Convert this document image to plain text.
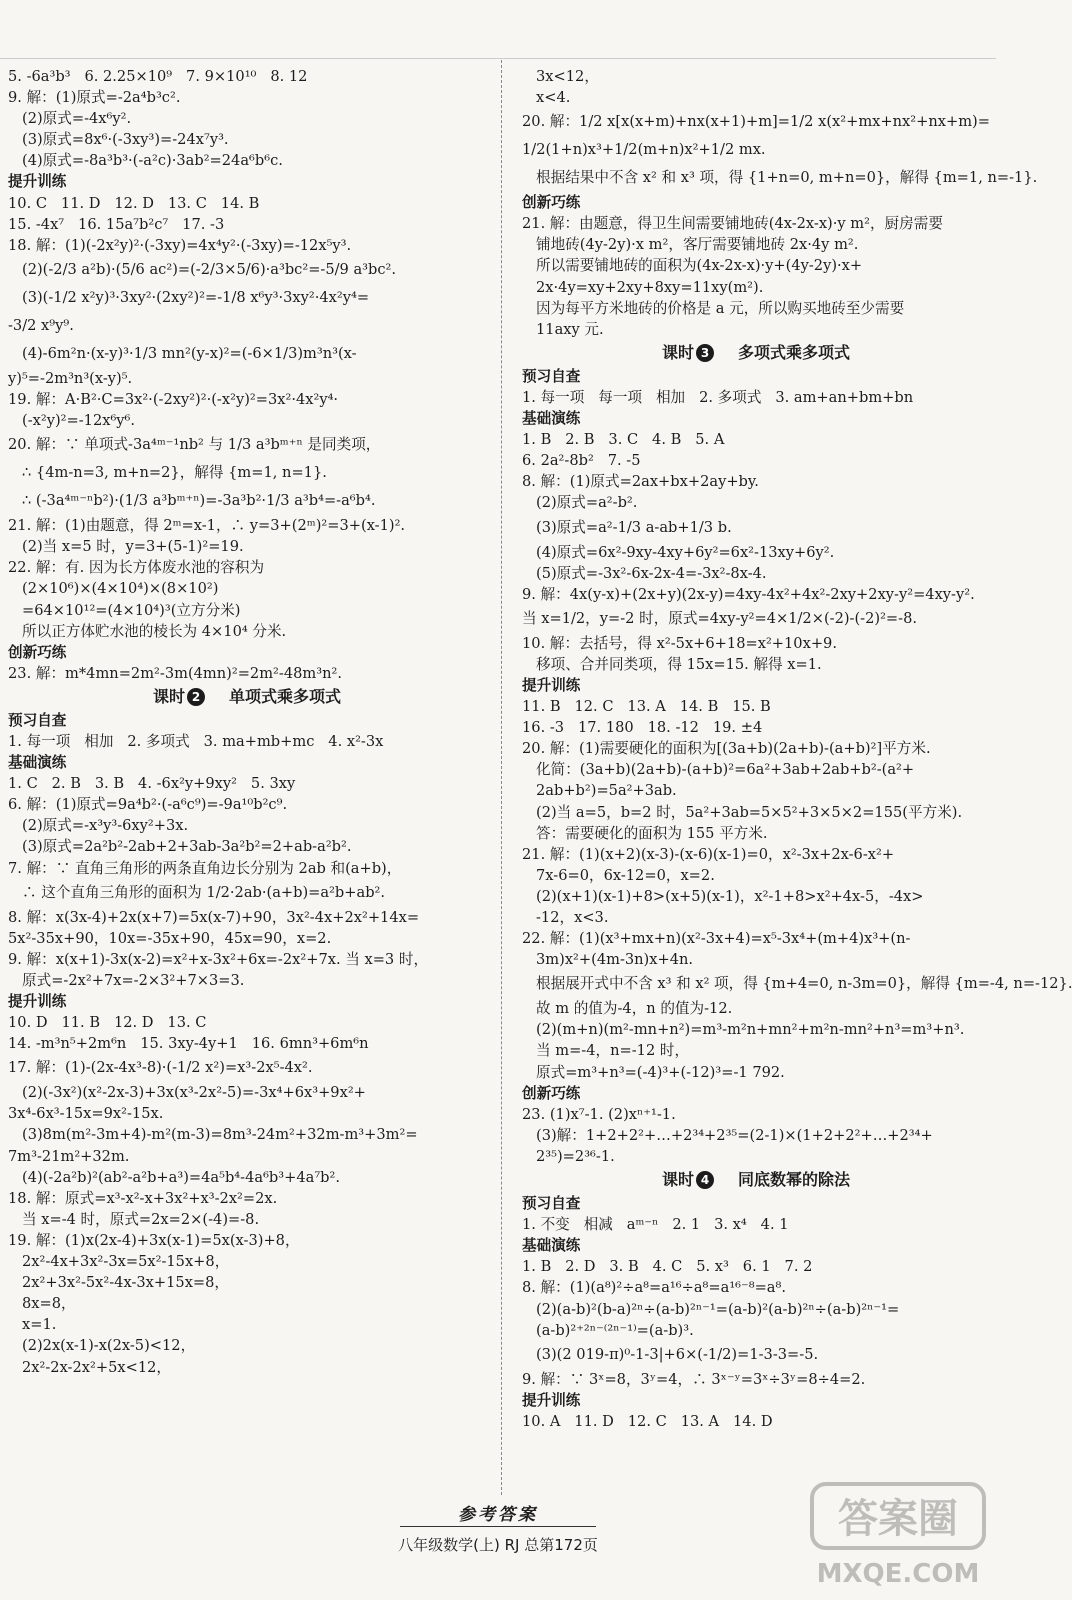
5. -6a³b³   6. 2.25×10⁹   7. 9×10¹⁰   8. 12
9. 解：(1)原式=-2a⁴b³c².
(2)原式=-4x⁶y².
(3)原式=8x⁶·(-3xy³)=-24x⁷y³.
(4)原式=-8a³b³·(-a²c)·3ab²=24a⁶b⁶c.
提升训练
10. C   11. D   12. D   13. C   14. B
15. -4x⁷   16. 15a⁷b²c⁷   17. -3
18. 解：(1)(-2x²y)²·(-3xy)=4x⁴y²·(-3xy)=-12x⁵y³.
(2)(-2/3 a²b)·(5/6 ac²)=(-2/3×5/6)·a³bc²=-5/9 a³bc².
(3)(-1/2 x²y)³·3xy²·(2xy²)²=-1/8 x⁶y³·3xy²·4x²y⁴=
-3/2 x⁹y⁹.
(4)-6m²n·(x-y)³·1/3 mn²(y-x)²=(-6×1/3)m³n³(x-
y)⁵=-2m³n³(x-y)⁵.
19. 解：A·B²·C=3x²·(-2xy²)²·(-x²y)²=3x²·4x²y⁴·
(-x²y)²=-12x⁶y⁶.
20. 解：∵ 单项式-3a⁴ᵐ⁻¹nb² 与 1/3 a³bᵐ⁺ⁿ 是同类项，
∴ {4m-n=3, m+n=2}，解得 {m=1, n=1}.
∴ (-3a⁴ᵐ⁻ⁿb²)·(1/3 a³bᵐ⁺ⁿ)=-3a³b²·1/3 a³b⁴=-a⁶b⁴.
21. 解：(1)由题意，得 2ᵐ=x-1，∴ y=3+(2ᵐ)²=3+(x-1)².
(2)当 x=5 时，y=3+(5-1)²=19.
22. 解：有. 因为长方体废水池的容积为
(2×10⁶)×(4×10⁴)×(8×10²)
=64×10¹²=(4×10⁴)³(立方分米)
所以正方体贮水池的棱长为 4×10⁴ 分米.
创新巧练
23. 解：m*4mn=2m²-3m(4mn)²=2m²-48m³n².
课时 2 单项式乘多项式
预习自查
1. 每一项   相加   2. 多项式   3. ma+mb+mc   4. x²-3x
基础演练
1. C   2. B   3. B   4. -6x²y+9xy²   5. 3xy
6. 解：(1)原式=9a⁴b²·(-a⁶c⁹)=-9a¹⁰b²c⁹.
(2)原式=-x³y³-6xy²+3x.
(3)原式=2a²b²-2ab+2+3ab-3a²b²=2+ab-a²b².
7. 解：∵ 直角三角形的两条直角边长分别为 2ab 和(a+b)，
∴ 这个直角三角形的面积为 1/2·2ab·(a+b)=a²b+ab².
8. 解：x(3x-4)+2x(x+7)=5x(x-7)+90，3x²-4x+2x²+14x=
5x²-35x+90，10x=-35x+90，45x=90，x=2.
9. 解：x(x+1)-3x(x-2)=x²+x-3x²+6x=-2x²+7x. 当 x=3 时，
原式=-2x²+7x=-2×3²+7×3=3.
提升训练
10. D   11. B   12. D   13. C
14. -m³n⁵+2m⁶n   15. 3xy-4y+1   16. 6mn³+6m⁶n
17. 解：(1)-(2x-4x³-8)·(-1/2 x²)=x³-2x⁵-4x².
(2)(-3x²)(x²-2x-3)+3x(x³-2x²-5)=-3x⁴+6x³+9x²+
3x⁴-6x³-15x=9x²-15x.
(3)8m(m²-3m+4)-m²(m-3)=8m³-24m²+32m-m³+3m²=
7m³-21m²+32m.
(4)(-2a²b)²(ab²-a²b+a³)=4a⁵b⁴-4a⁶b³+4a⁷b².
18. 解：原式=x³-x²-x+3x²+x³-2x²=2x.
当 x=-4 时，原式=2x=2×(-4)=-8.
19. 解：(1)x(2x-4)+3x(x-1)=5x(x-3)+8，
2x²-4x+3x²-3x=5x²-15x+8，
2x²+3x²-5x²-4x-3x+15x=8，
8x=8，
x=1.
(2)2x(x-1)-x(2x-5)<12，
2x²-2x-2x²+5x<12，
3x<12，
x<4.
20. 解：1/2 x[x(x+m)+nx(x+1)+m]=1/2 x(x²+mx+nx²+nx+m)=
1/2(1+n)x³+1/2(m+n)x²+1/2 mx.
根据结果中不含 x² 和 x³ 项，得 {1+n=0, m+n=0}，解得 {m=1, n=-1}.
创新巧练
21. 解：由题意，得卫生间需要铺地砖(4x-2x-x)·y m²，厨房需要
铺地砖(4y-2y)·x m²，客厅需要铺地砖 2x·4y m².
所以需要铺地砖的面积为(4x-2x-x)·y+(4y-2y)·x+
2x·4y=xy+2xy+8xy=11xy(m²).
因为每平方米地砖的价格是 a 元，所以购买地砖至少需要
11axy 元.
课时 3 多项式乘多项式
预习自查
1. 每一项   每一项   相加   2. 多项式   3. am+an+bm+bn
基础演练
1. B   2. B   3. C   4. B   5. A
6. 2a²-8b²   7. -5
8. 解：(1)原式=2ax+bx+2ay+by.
(2)原式=a²-b².
(3)原式=a²-1/3 a-ab+1/3 b.
(4)原式=6x²-9xy-4xy+6y²=6x²-13xy+6y².
(5)原式=-3x²-6x-2x-4=-3x²-8x-4.
9. 解：4x(y-x)+(2x+y)(2x-y)=4xy-4x²+4x²-2xy+2xy-y²=4xy-y².
当 x=1/2，y=-2 时，原式=4xy-y²=4×1/2×(-2)-(-2)²=-8.
10. 解：去括号，得 x²-5x+6+18=x²+10x+9.
移项、合并同类项，得 15x=15. 解得 x=1.
提升训练
11. B   12. C   13. A   14. B   15. B
16. -3   17. 180   18. -12   19. ±4
20. 解：(1)需要硬化的面积为[(3a+b)(2a+b)-(a+b)²]平方米.
化简：(3a+b)(2a+b)-(a+b)²=6a²+3ab+2ab+b²-(a²+
2ab+b²)=5a²+3ab.
(2)当 a=5，b=2 时，5a²+3ab=5×5²+3×5×2=155(平方米).
答：需要硬化的面积为 155 平方米.
21. 解：(1)(x+2)(x-3)-(x-6)(x-1)=0，x²-3x+2x-6-x²+
7x-6=0，6x-12=0，x=2.
(2)(x+1)(x-1)+8>(x+5)(x-1)，x²-1+8>x²+4x-5，-4x>
-12，x<3.
22. 解：(1)(x³+mx+n)(x²-3x+4)=x⁵-3x⁴+(m+4)x³+(n-
3m)x²+(4m-3n)x+4n.
根据展开式中不含 x³ 和 x² 项，得 {m+4=0, n-3m=0}，解得 {m=-4, n=-12}.
故 m 的值为-4，n 的值为-12.
(2)(m+n)(m²-mn+n²)=m³-m²n+mn²+m²n-mn²+n³=m³+n³.
当 m=-4，n=-12 时，
原式=m³+n³=(-4)³+(-12)³=-1 792.
创新巧练
23. (1)x⁷-1. (2)xⁿ⁺¹-1.
(3)解：1+2+2²+…+2³⁴+2³⁵=(2-1)×(1+2+2²+…+2³⁴+
2³⁵)=2³⁶-1.
课时 4 同底数幂的除法
预习自查
1. 不变   相减   aᵐ⁻ⁿ   2. 1   3. x⁴   4. 1
基础演练
1. B   2. D   3. B   4. C   5. x³   6. 1   7. 2
8. 解：(1)(a⁸)²÷a⁸=a¹⁶÷a⁸=a¹⁶⁻⁸=a⁸.
(2)(a-b)²(b-a)²ⁿ÷(a-b)²ⁿ⁻¹=(a-b)²(a-b)²ⁿ÷(a-b)²ⁿ⁻¹=
(a-b)²⁺²ⁿ⁻⁽²ⁿ⁻¹⁾=(a-b)³.
(3)(2 019-π)⁰-1-3|+6×(-1/2)=1-3-3=-5.
9. 解：∵ 3ˣ=8，3ʸ=4，∴ 3ˣ⁻ʸ=3ˣ÷3ʸ=8÷4=2.
提升训练
10. A   11. D   12. C   13. A   14. D
参考答案
八年级数学(上) RJ 总第172页
答案圈
MXQE.COM
